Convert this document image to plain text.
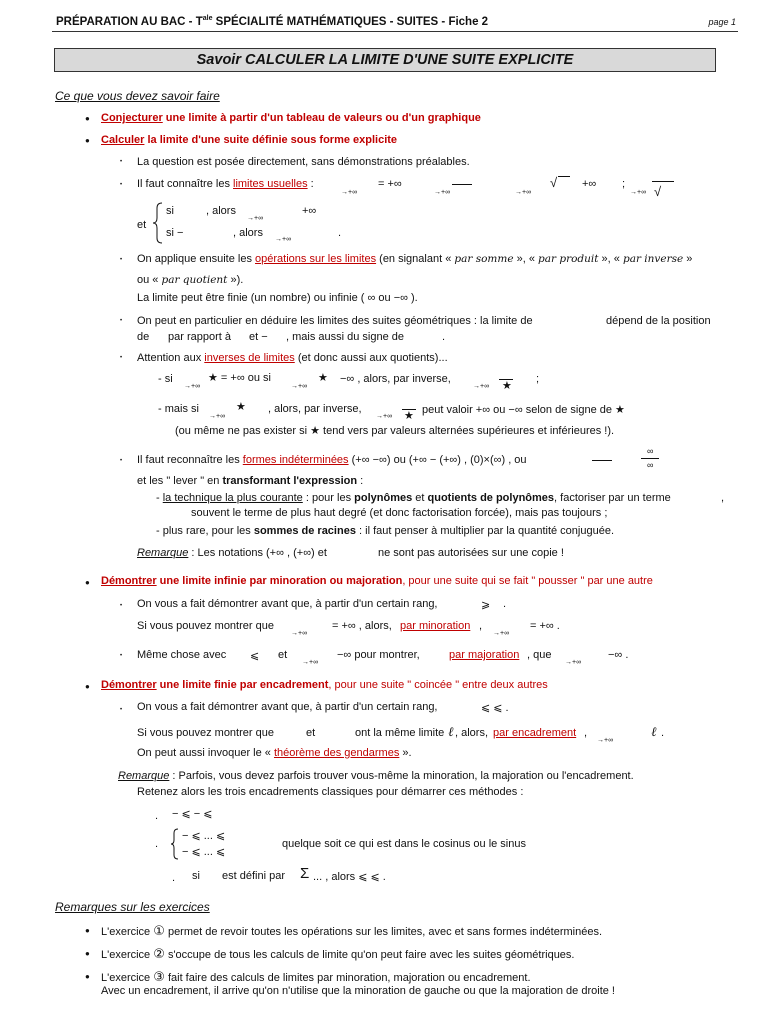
PRÉPARATION AU BAC - $T^{ale}$ SPÉCIALITÉ MATHÉMATIQUES - SUITES - Fiche 2	page 1
Savoir CALCULER LA LIMITE D'UNE SUITE EXPLICITE
Ce que vous devez savoir faire
● Conjecturer une limite à partir d'un tableau de valeurs ou d'un graphique
● Calculer la limite d'une suite définie sous forme explicite
• La question est posée directement, sans démonstrations préalables.
• Il faut connaître les limites usuelles :
→+∞
= +∞
→+∞	→+∞
√ +∞ ;
→+∞ √
et
si	, alors
→+∞
+∞
si −	, alors
→+∞
.
• On applique ensuite les opérations sur les limites (en signalant « par somme », « par produit », « par inverse »
ou « par quotient »).
La limite peut être finie (un nombre) ou infinie ( ∞ ou −∞ ).
• On peut en particulier en déduire les limites des suites géométriques : la limite de	dépend de la position
de par rapport à et − , mais aussi du signe de	.
• Attention aux inverses de limites (et donc aussi aux quotients)...
- si
→+∞
★ = +∞ ou si
→+∞
★ −∞ , alors, par inverse,
→+∞ ★
;
- mais si
→+∞
★ , alors, par inverse,
→+∞ ★ peut valoir +∞ ou −∞ selon de signe de ★
(ou même ne pas exister si ★ tend vers par valeurs alternées supérieures et inférieures !).
• Il faut reconnaître les formes indéterminées (+∞ −∞) ou (+∞ − (+∞) , (0)×(∞) , ou
∞
∞
et les " lever " en transformant l'expression :
- la technique la plus courante : pour les polynômes et quotients de polynômes, factoriser par un terme	,
souvent le terme de plus haut degré (et donc factorisation forcée), mais pas toujours ;
- plus rare, pour les sommes de racines : il faut penser à multiplier par la quantité conjuguée.
Remarque : Les notations (+∞ , (+∞) et	ne sont pas autorisées sur une copie !
● Démontrer une limite infinie par minoration ou majoration, pour une suite qui se fait " pousser " par une autre
• On vous a fait démontrer avant que, à partir d'un certain rang,	⩾ .
Si vous pouvez montrer que
→+∞
= +∞ , alors, par minoration ,
→+∞
= +∞ .
• Même chose avec ⩽ et
→+∞
−∞ pour montrer,	par majoration , que
→+∞
−∞ .
● Démontrer une limite finie par encadrement, pour une suite " coincée " entre deux autres
• On vous a fait démontrer avant que, à partir d'un certain rang,	⩽ ⩽ .
Si vous pouvez montrer que	et	ont la même limite ℓ , alors, par encadrement ,
→+∞
ℓ .
On peut aussi invoquer le « théorème des gendarmes ».
Remarque : Parfois, vous devez parfois trouver vous-même la minoration, la majoration ou l'encadrement.
Retenez alors les trois encadrements classiques pour démarrer ces méthodes :
. − ⩽ − ⩽
.
− ⩽ ... ⩽
− ⩽ ... ⩽
quelque soit ce qui est dans le cosinus ou le sinus
. si est défini par Σ ... , alors ⩽ ⩽ .
Remarques sur les exercices
● L'exercice ① permet de revoir toutes les opérations sur les limites, avec et sans formes indéterminées.
● L'exercice ② s'occupe de tous les calculs de limite qu'on peut faire avec les suites géométriques.
● L'exercice ③ fait faire des calculs de limites par minoration, majoration ou encadrement.
Avec un encadrement, il arrive qu'on n'utilise que la minoration de gauche ou que la majoration de droite !
